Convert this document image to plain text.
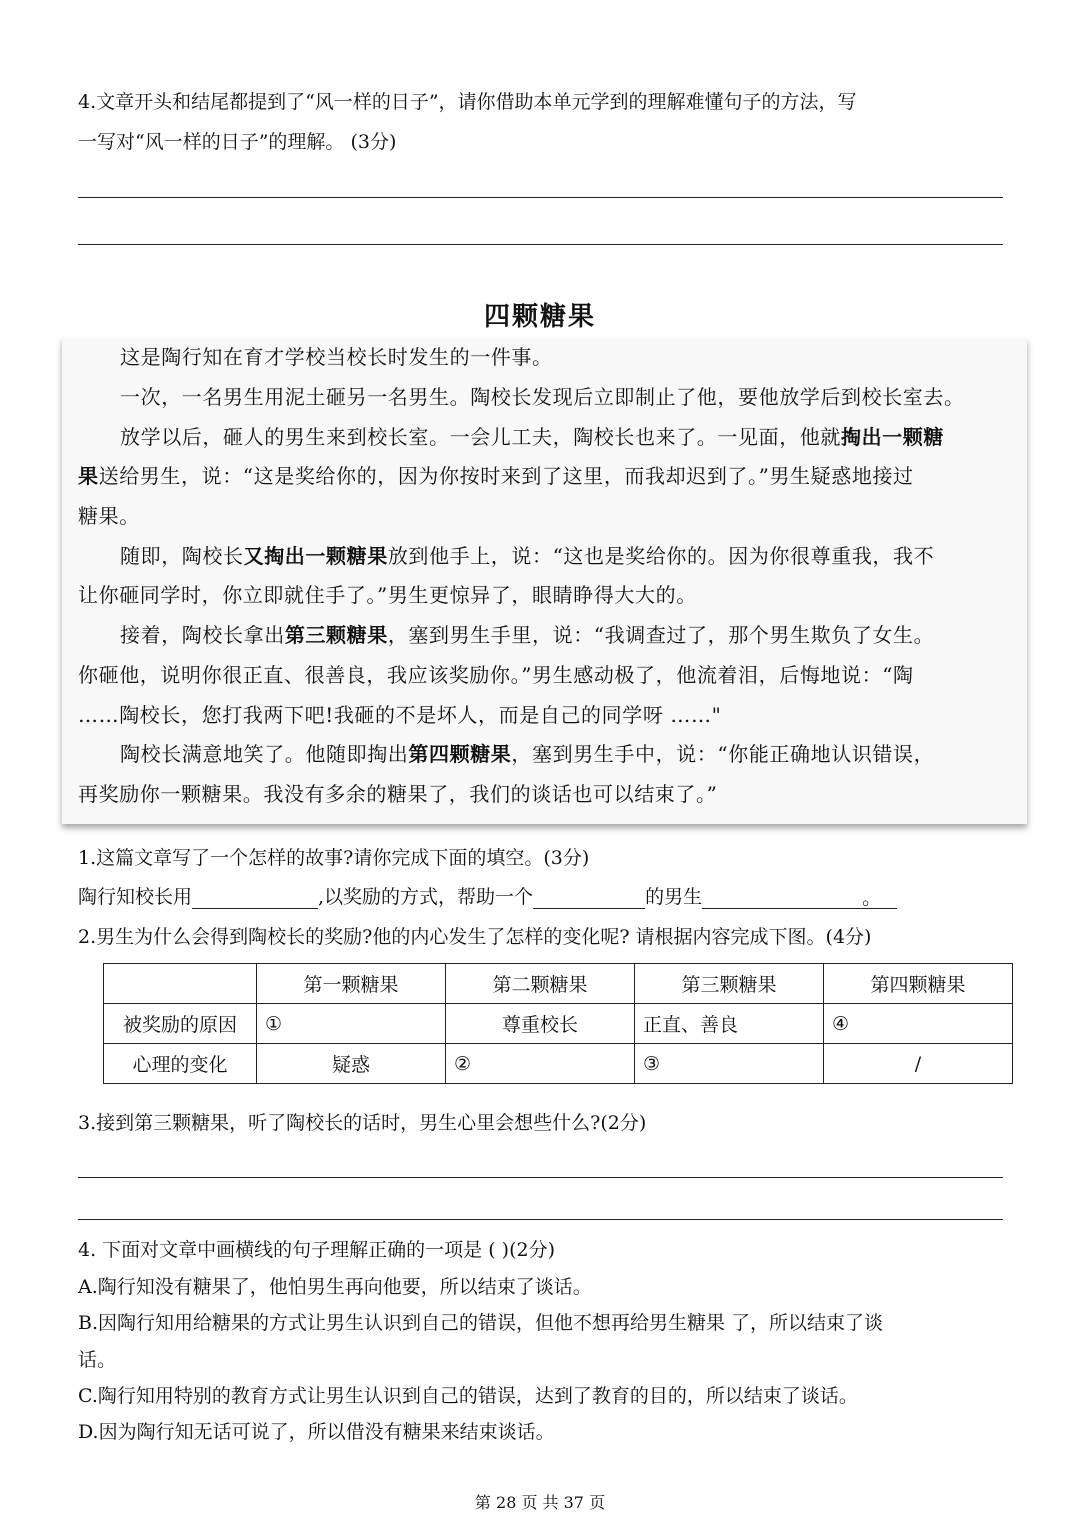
4.文章开头和结尾都提到了“风一样的日子”，请你借助本单元学到的理解难懂句子的方法，写
一写对“风一样的日子”的理解。 (3分)
四颗糖果
这是陶行知在育才学校当校长时发生的一件事。
一次，一名男生用泥土砸另一名男生。陶校长发现后立即制止了他，要他放学后到校长室去。
放学以后，砸人的男生来到校长室。一会儿工夫，陶校长也来了。一见面，他就掏出一颗糖
果送给男生，说：“这是奖给你的，因为你按时来到了这里，而我却迟到了。”男生疑惑地接过
糖果。
随即，陶校长又掏出一颗糖果放到他手上，说：“这也是奖给你的。因为你很尊重我，我不
让你砸同学时，你立即就住手了。”男生更惊异了，眼睛睁得大大的。
接着，陶校长拿出第三颗糖果，塞到男生手里，说：“我调查过了，那个男生欺负了女生。
你砸他，说明你很正直、很善良，我应该奖励你。”男生感动极了，他流着泪，后悔地说：“陶
……陶校长，您打我两下吧!我砸的不是坏人，而是自己的同学呀 ……"
陶校长满意地笑了。他随即掏出第四颗糖果，塞到男生手中，说：“你能正确地认识错误，
再奖励你一颗糖果。我没有多余的糖果了，我们的谈话也可以结束了。”
1.这篇文章写了一个怎样的故事?请你完成下面的填空。(3分)
陶行知校长用	,以奖励的方式，帮助一个	的男生	。
2.男生为什么会得到陶校长的奖励?他的内心发生了怎样的变化呢? 请根据内容完成下图。(4分)
	第一颗糖果	第二颗糖果	第三颗糖果	第四颗糖果
被奖励的原因	①	尊重校长	正直、善良	④
心理的变化	疑惑	②	③	/
3.接到第三颗糖果，听了陶校长的话时，男生心里会想些什么?(2分)
4. 下面对文章中画横线的句子理解正确的一项是 ( )(2分)
A.陶行知没有糖果了，他怕男生再向他要，所以结束了谈话。
B.因陶行知用给糖果的方式让男生认识到自己的错误，但他不想再给男生糖果 了，所以结束了谈
话。
C.陶行知用特别的教育方式让男生认识到自己的错误，达到了教育的目的，所以结束了谈话。
D.因为陶行知无话可说了，所以借没有糖果来结束谈话。
第 28 页 共 37 页
